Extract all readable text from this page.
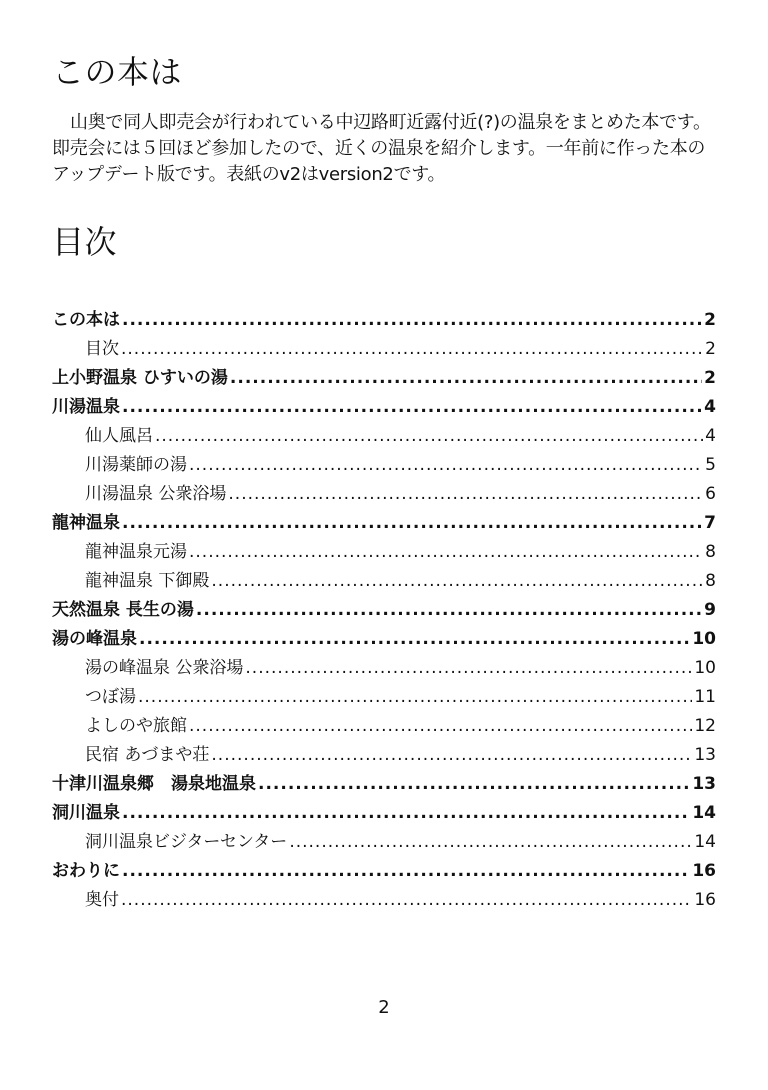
この本は

山奥で同人即売会が行われている中辺路町近露付近(?)の温泉をまとめた本です。即売会には５回ほど参加したので、近くの温泉を紹介します。一年前に作った本のアップデート版です。表紙のv2はversion2です。

目次
この本は .....	2
目次 .....	2
上小野温泉 ひすいの湯 .....	2
川湯温泉 .....	4
仙人風呂 .....	4
川湯薬師の湯 .....	5
川湯温泉 公衆浴場 .....	6
龍神温泉 .....	7
龍神温泉元湯 .....	8
龍神温泉 下御殿 .....	8
天然温泉 長生の湯 .....	9
湯の峰温泉 .....	10
湯の峰温泉 公衆浴場 .....	10
つぼ湯 .....	11
よしのや旅館 .....	12
民宿 あづまや荘 .....	13
十津川温泉郷　湯泉地温泉 .....	13
洞川温泉 .....	14
洞川温泉ビジターセンター .....	14
おわりに .....	16
奥付 .....	16

2
